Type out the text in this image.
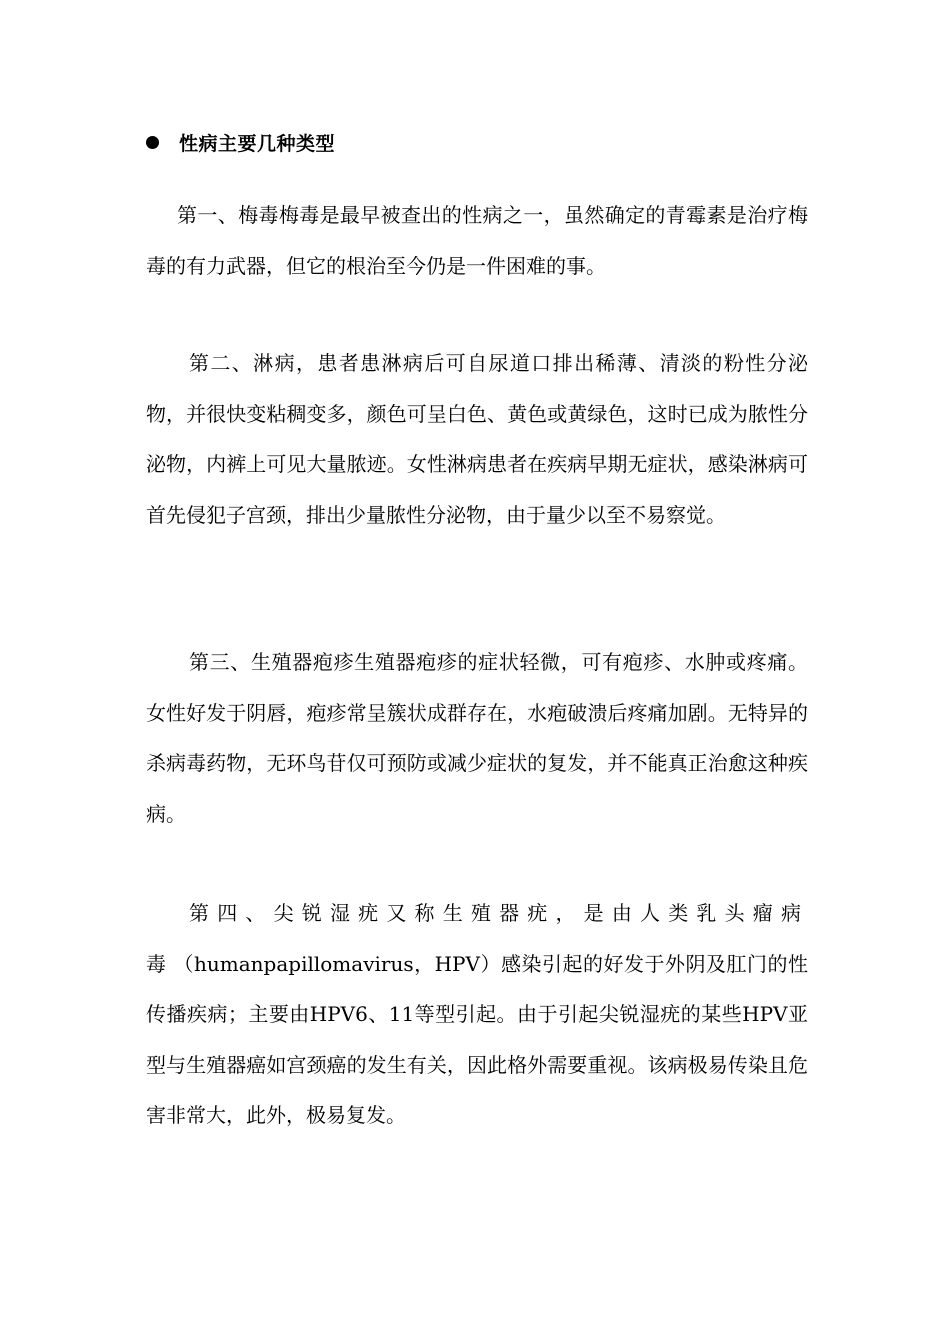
性病主要几种类型

第一、梅毒梅毒是最早被查出的性病之一，虽然确定的青霉素是治疗梅毒的有力武器，但它的根治至今仍是一件困难的事。

第二、淋病，患者患淋病后可自尿道口排出稀薄、清淡的粉性分泌物，并很快变粘稠变多，颜色可呈白色、黄色或黄绿色，这时已成为脓性分泌物，内裤上可见大量脓迹。女性淋病患者在疾病早期无症状，感染淋病可首先侵犯子宫颈，排出少量脓性分泌物，由于量少以至不易察觉。

第三、生殖器疱疹生殖器疱疹的症状轻微，可有疱疹、水肿或疼痛。女性好发于阴唇，疱疹常呈簇状成群存在，水疱破溃后疼痛加剧。无特异的杀病毒药物，无环鸟苷仅可预防或减少症状的复发，并不能真正治愈这种疾病。

第四、尖锐湿疣又称生殖器疣，是由人类乳头瘤病毒（humanpapillomavirus，HPV）感染引起的好发于外阴及肛门的性传播疾病；主要由HPV6、11等型引起。由于引起尖锐湿疣的某些HPV亚型与生殖器癌如宫颈癌的发生有关，因此格外需要重视。该病极易传染且危害非常大，此外，极易复发。
